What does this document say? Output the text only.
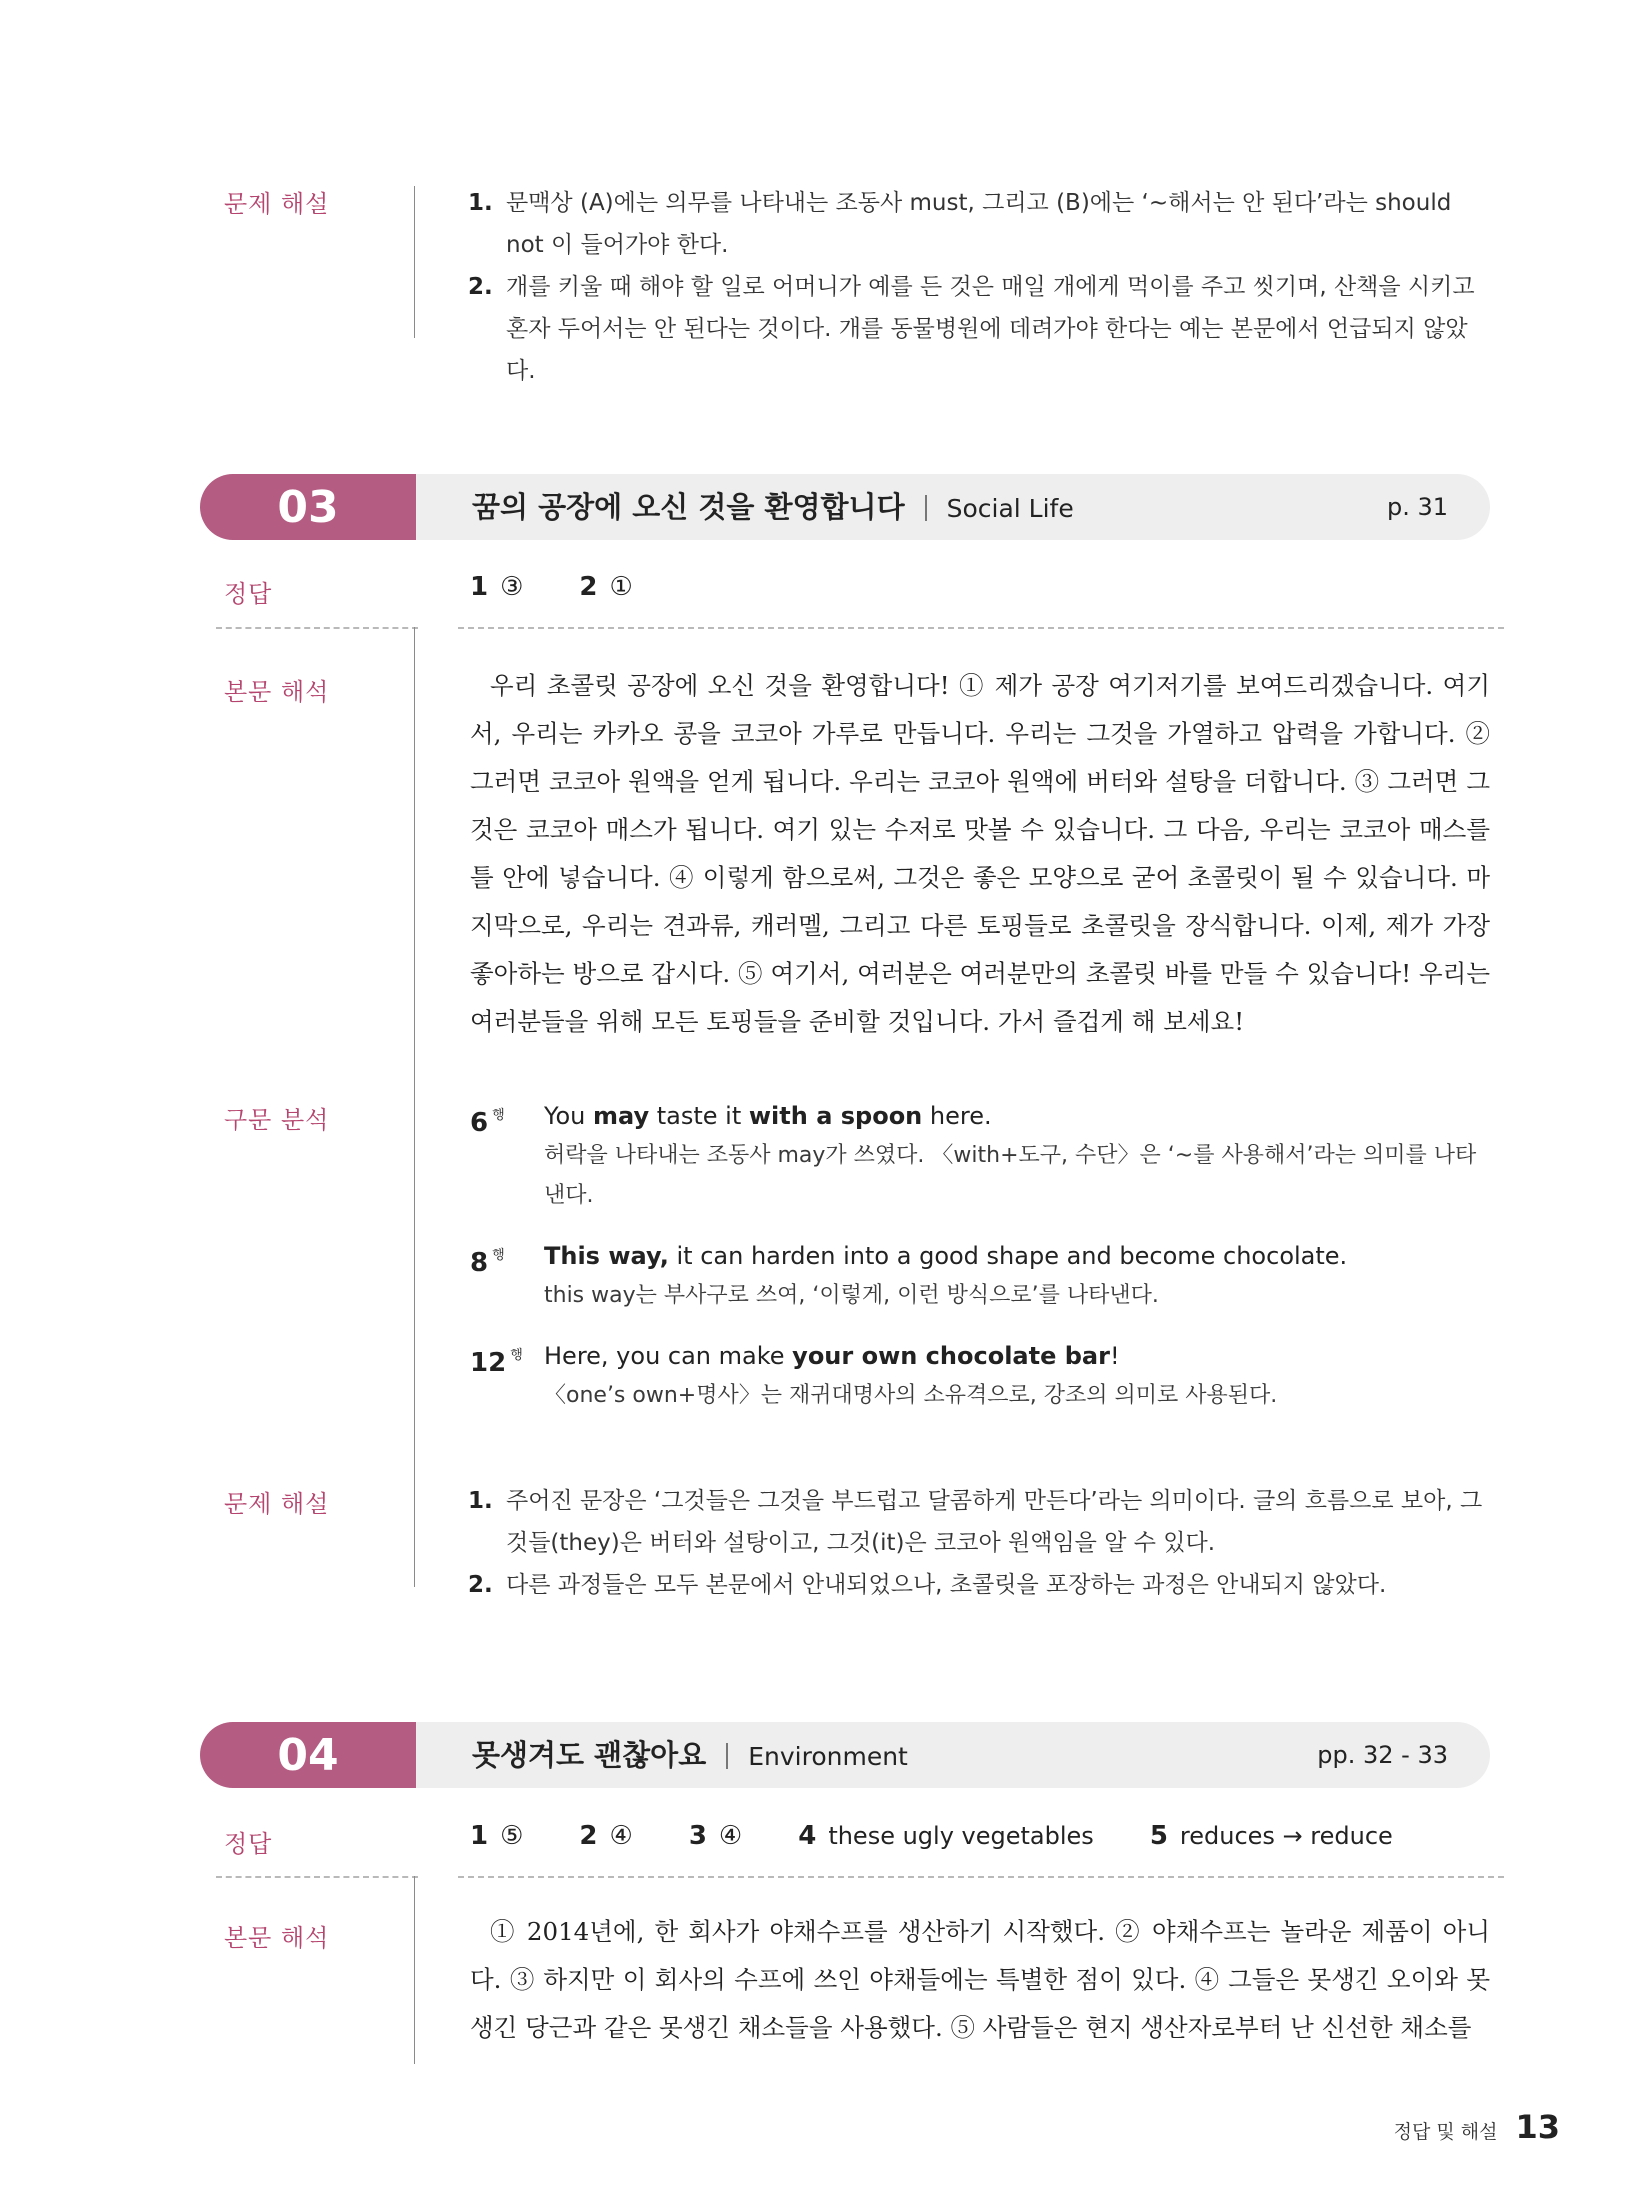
문제 해설	1. 문맥상 (A)에는 의무를 나타내는 조동사 must, 그리고 (B)에는 ‘~해서는 안 된다’라는 should not 이 들어가야 한다.
2. 개를 키울 때 해야 할 일로 어머니가 예를 든 것은 매일 개에게 먹이를 주고 씻기며, 산책을 시키고 혼자 두어서는 안 된다는 것이다. 개를 동물병원에 데려가야 한다는 예는 본문에서 언급되지 않았다.
03	꿈의 공장에 오신 것을 환영합니다 Social Life	p. 31
정답	1 ③ 2 ①
본문 해석	우리 초콜릿 공장에 오신 것을 환영합니다! ① 제가 공장 여기저기를 보여드리겠습니다. 여기서, 우리는 카카오 콩을 코코아 가루로 만듭니다. 우리는 그것을 가열하고 압력을 가합니다. ② 그러면 코코아 원액을 얻게 됩니다. 우리는 코코아 원액에 버터와 설탕을 더합니다. ③ 그러면 그것은 코코아 매스가 됩니다. 여기 있는 수저로 맛볼 수 있습니다. 그 다음, 우리는 코코아 매스를 틀 안에 넣습니다. ④ 이렇게 함으로써, 그것은 좋은 모양으로 굳어 초콜릿이 될 수 있습니다. 마지막으로, 우리는 견과류, 캐러멜, 그리고 다른 토핑들로 초콜릿을 장식합니다. 이제, 제가 가장 좋아하는 방으로 갑시다. ⑤ 여기서, 여러분은 여러분만의 초콜릿 바를 만들 수 있습니다! 우리는 여러분들을 위해 모든 토핑들을 준비할 것입니다. 가서 즐겁게 해 보세요!
구문 분석	6 $^행$	You may taste it with a spoon here.
허락을 나타내는 조동사 may가 쓰였다. 〈with+도구, 수단〉은 ‘~를 사용해서’라는 의미를 나타낸다.
8 $^행$	This way, it can harden into a good shape and become chocolate.
this way는 부사구로 쓰여, ‘이렇게, 이런 방식으로’를 나타낸다.
12 $^행$ Here, you can make your own chocolate bar!
〈one’s own+명사〉는 재귀대명사의 소유격으로, 강조의 의미로 사용된다.
문제 해설	1. 주어진 문장은 ‘그것들은 그것을 부드럽고 달콤하게 만든다’라는 의미이다. 글의 흐름으로 보아, 그것들(they)은 버터와 설탕이고, 그것(it)은 코코아 원액임을 알 수 있다.
2. 다른 과정들은 모두 본문에서 안내되었으나, 초콜릿을 포장하는 과정은 안내되지 않았다.
04	못생겨도 괜찮아요 Environment	pp. 32 - 33
정답	1 ⑤ 2 ④ 3 ④ 4 these ugly vegetables 5 reduces → reduce
본문 해석	① 2014년에, 한 회사가 야채수프를 생산하기 시작했다. ② 야채수프는 놀라운 제품이 아니다. ③ 하지만 이 회사의 수프에 쓰인 야채들에는 특별한 점이 있다. ④ 그들은 못생긴 오이와 못생긴 당근과 같은 못생긴 채소들을 사용했다. ⑤ 사람들은 현지 생산자로부터 난 신선한 채소를
정답 및 해설 13
